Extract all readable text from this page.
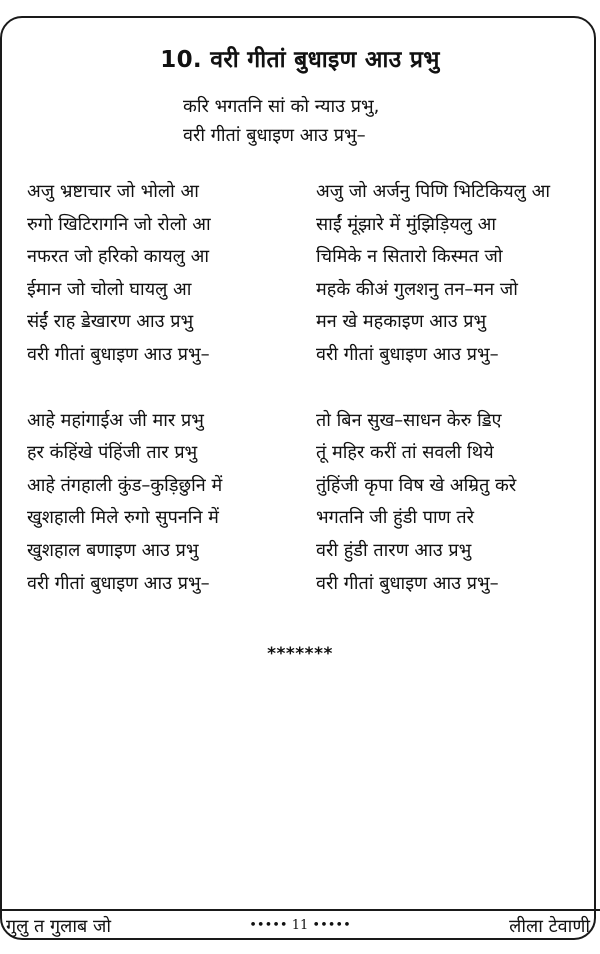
10. वरी गीतां बुधाइण आउ प्रभु
करि भगतनि सां को न्याउ प्रभु,
वरी गीतां बुधाइण आउ प्रभु–
अजु भ्रष्टाचार जो भोलो आ
रुगो खिटिरागनि जो रोलो आ
नफरत जो हरिको कायलु आ
ईमान जो चोलो घायलु आ
संईं राह ॾेखारण आउ प्रभु
वरी गीतां बुधाइण आउ प्रभु–
आहे महांगाईअ जी मार प्रभु
हर कंहिंखे पंहिंजी तार प्रभु
आहे तंगहाली कुंड–कुड़िछुनि में
खुशहाली मिले रुगो सुपननि में
खुशहाल बणाइण आउ प्रभु
वरी गीतां बुधाइण आउ प्रभु–
अजु जो अर्जनु पिणि भिटिकियलु आ
साईं मूंझारे में मुंझिड़ियलु आ
चिमिके न सितारो किस्मत जो
महके कीअं गुलशनु तन–मन जो
मन खे महकाइण आउ प्रभु
वरी गीतां बुधाइण आउ प्रभु–
तो बिन सुख–साधन केरु ॾिए
तूं महिर करीं तां सवली थिये
तुंहिंजी कृपा विष खे अम्रितु करे
भगतनि जी हुंडी पाण तरे
वरी हुंडी तारण आउ प्रभु
वरी गीतां बुधाइण आउ प्रभु–
*******
गुलु त गुलाब जो	••••• 11 •••••	लीला टेवाणी
